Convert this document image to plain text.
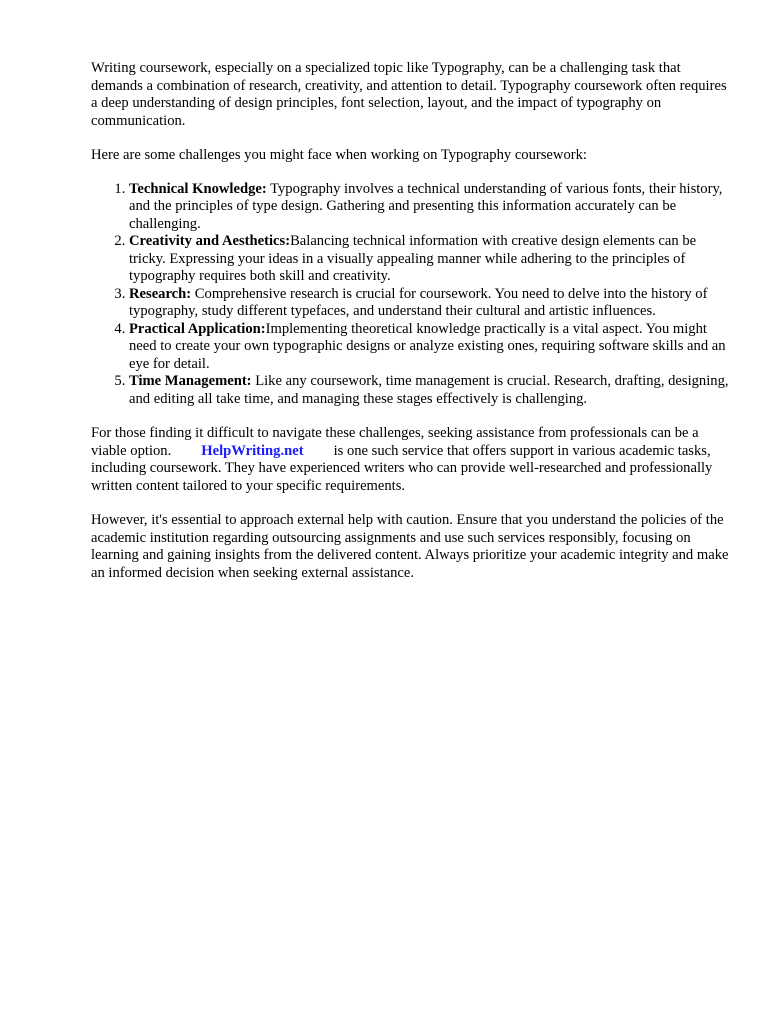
Writing coursework, especially on a specialized topic like Typography, can be a challenging task that demands a combination of research, creativity, and attention to detail. Typography coursework often requires a deep understanding of design principles, font selection, layout, and the impact of typography on communication.

Here are some challenges you might face when working on Typography coursework:

1. Technical Knowledge: Typography involves a technical understanding of various fonts, their history, and the principles of type design. Gathering and presenting this information accurately can be challenging.
2. Creativity and Aesthetics:Balancing technical information with creative design elements can be tricky. Expressing your ideas in a visually appealing manner while adhering to the principles of typography requires both skill and creativity.
3. Research: Comprehensive research is crucial for coursework. You need to delve into the history of typography, study different typefaces, and understand their cultural and artistic influences.
4. Practical Application:Implementing theoretical knowledge practically is a vital aspect. You might need to create your own typographic designs or analyze existing ones, requiring software skills and an eye for detail.
5. Time Management: Like any coursework, time management is crucial. Research, drafting, designing, and editing all take time, and managing these stages effectively is challenging.

For those finding it difficult to navigate these challenges, seeking assistance from professionals can be a viable option. HelpWriting.net is one such service that offers support in various academic tasks, including coursework. They have experienced writers who can provide well-researched and professionally written content tailored to your specific requirements.

However, it's essential to approach external help with caution. Ensure that you understand the policies of the academic institution regarding outsourcing assignments and use such services responsibly, focusing on learning and gaining insights from the delivered content. Always prioritize your academic integrity and make an informed decision when seeking external assistance.
